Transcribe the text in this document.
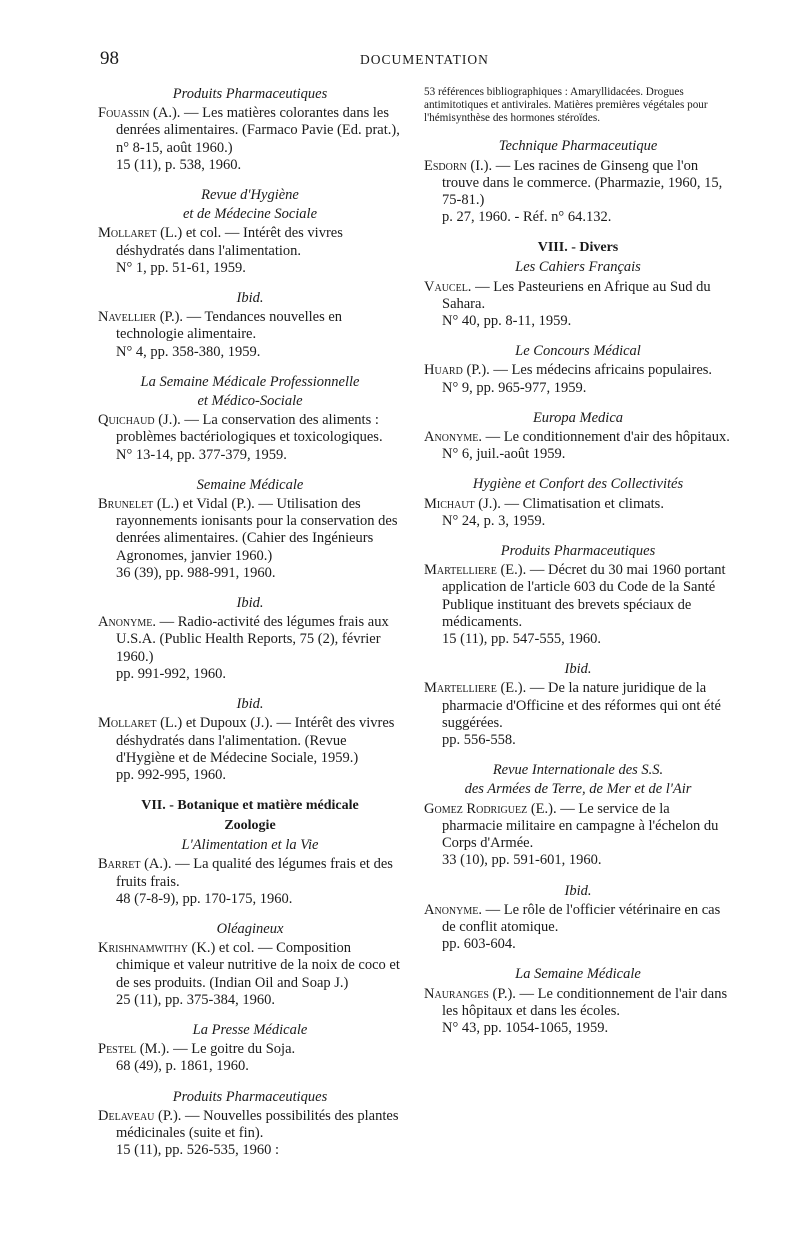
98	DOCUMENTATION
Produits Pharmaceutiques
Fouassin (A.). — Les matières colorantes dans les denrées alimentaires. (Farmaco Pavie (Ed. prat.), n° 8-15, août 1960.)
15 (11), p. 538, 1960.
Revue d'Hygiène
et de Médecine Sociale
Mollaret (L.) et col. — Intérêt des vivres déshydratés dans l'alimentation.
N° 1, pp. 51-61, 1959.
Ibid.
Navellier (P.). — Tendances nouvelles en technologie alimentaire.
N° 4, pp. 358-380, 1959.
La Semaine Médicale Professionnelle
et Médico-Sociale
Quichaud (J.). — La conservation des aliments : problèmes bactériologiques et toxicologiques.
N° 13-14, pp. 377-379, 1959.
Semaine Médicale
Brunelet (L.) et Vidal (P.). — Utilisation des rayonnements ionisants pour la conservation des denrées alimentaires. (Cahier des Ingénieurs Agronomes, janvier 1960.)
36 (39), pp. 988-991, 1960.
Ibid.
Anonyme. — Radio-activité des légumes frais aux U.S.A. (Public Health Reports, 75 (2), février 1960.)
pp. 991-992, 1960.
Ibid.
Mollaret (L.) et Dupoux (J.). — Intérêt des vivres déshydratés dans l'alimentation. (Revue d'Hygiène et de Médecine Sociale, 1959.)
pp. 992-995, 1960.
VII. - Botanique et matière médicale
Zoologie
L'Alimentation et la Vie
Barret (A.). — La qualité des légumes frais et des fruits frais.
48 (7-8-9), pp. 170-175, 1960.
Oléagineux
Krishnamwithy (K.) et col. — Composition chimique et valeur nutritive de la noix de coco et de ses produits. (Indian Oil and Soap J.)
25 (11), pp. 375-384, 1960.
La Presse Médicale
Pestel (M.). — Le goitre du Soja.
68 (49), p. 1861, 1960.
Produits Pharmaceutiques
Delaveau (P.). — Nouvelles possibilités des plantes médicinales (suite et fin).
15 (11), pp. 526-535, 1960 :
53 références bibliographiques : Amaryllidacées. Drogues antimitotiques et antivirales. Matières premières végétales pour l'hémisynthèse des hormones stéroïdes.
Technique Pharmaceutique
Esdorn (I.). — Les racines de Ginseng que l'on trouve dans le commerce. (Pharmazie, 1960, 15, 75-81.)
p. 27, 1960. - Réf. n° 64.132.
VIII. - Divers
Les Cahiers Français
Vaucel. — Les Pasteuriens en Afrique au Sud du Sahara.
N° 40, pp. 8-11, 1959.
Le Concours Médical
Huard (P.). — Les médecins africains populaires.
N° 9, pp. 965-977, 1959.
Europa Medica
Anonyme. — Le conditionnement d'air des hôpitaux.
N° 6, juil.-août 1959.
Hygiène et Confort des Collectivités
Michaut (J.). — Climatisation et climats.
N° 24, p. 3, 1959.
Produits Pharmaceutiques
Martelliere (E.). — Décret du 30 mai 1960 portant application de l'article 603 du Code de la Santé Publique instituant des brevets spéciaux de médicaments.
15 (11), pp. 547-555, 1960.
Ibid.
Martelliere (E.). — De la nature juridique de la pharmacie d'Officine et des réformes qui ont été suggérées.
pp. 556-558.
Revue Internationale des S.S.
des Armées de Terre, de Mer et de l'Air
Gomez Rodriguez (E.). — Le service de la pharmacie militaire en campagne à l'échelon du Corps d'Armée.
33 (10), pp. 591-601, 1960.
Ibid.
Anonyme. — Le rôle de l'officier vétérinaire en cas de conflit atomique.
pp. 603-604.
La Semaine Médicale
Nauranges (P.). — Le conditionnement de l'air dans les hôpitaux et dans les écoles.
N° 43, pp. 1054-1065, 1959.
